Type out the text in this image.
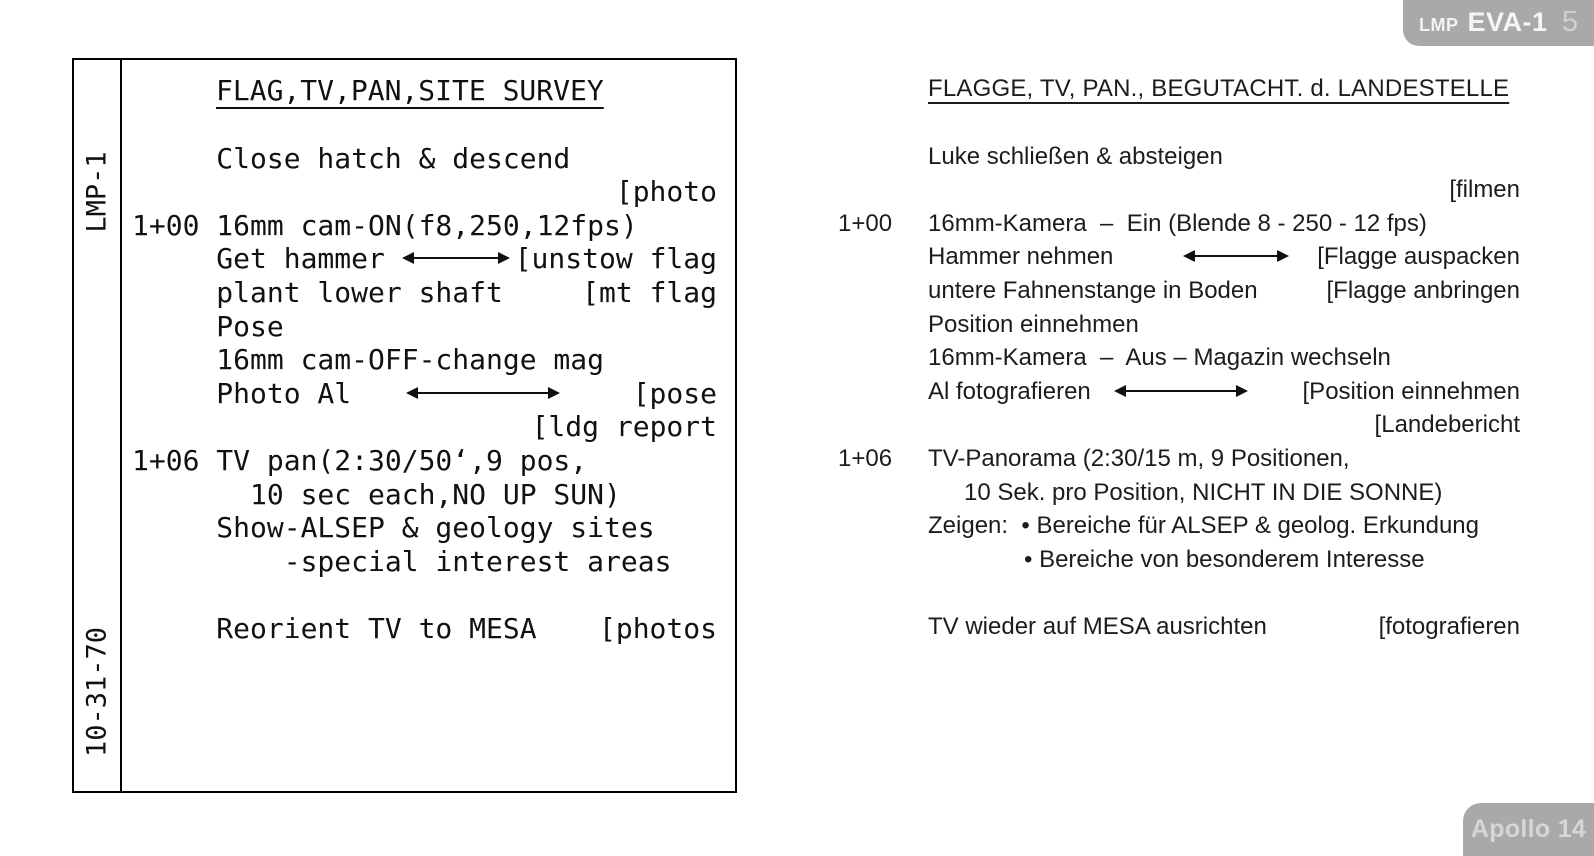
LMP-1
10-31-70
FLAG,TV,PAN,SITE SURVEY
Close hatch & descend
[photo
1+00 16mm cam-ON(f8,250,12fps)
Get hammer	[unstow flag
plant lower shaft	[mt flag
Pose
16mm cam-OFF-change mag
Photo Al	[pose
[ldg report
1+06 TV pan(2:30/50‘,9 pos,
10 sec each,NO UP SUN)
Show-ALSEP & geology sites
-special interest areas
Reorient TV to MESA [photos
FLAGGE, TV, PAN., BEGUTACHT. d. LANDESTELLE
Luke schließen & absteigen
[filmen
1+00	16mm-Kamera  –  Ein (Blende 8 - 250 - 12 fps)
Hammer nehmen	[Flagge auspacken
untere Fahnenstange in Boden	[Flagge anbringen
Position einnehmen
16mm-Kamera  –  Aus – Magazin wechseln
Al fotografieren	[Position einnehmen
[Landebericht
1+06	TV-Panorama (2:30/15 m, 9 Positionen,
10 Sek. pro Position, NICHT IN DIE SONNE)
Zeigen:  • Bereiche für ALSEP & geolog. Erkundung
• Bereiche von besonderem Interesse
TV wieder auf MESA ausrichten	[fotografieren
LMP EVA-1 5
Apollo 14
